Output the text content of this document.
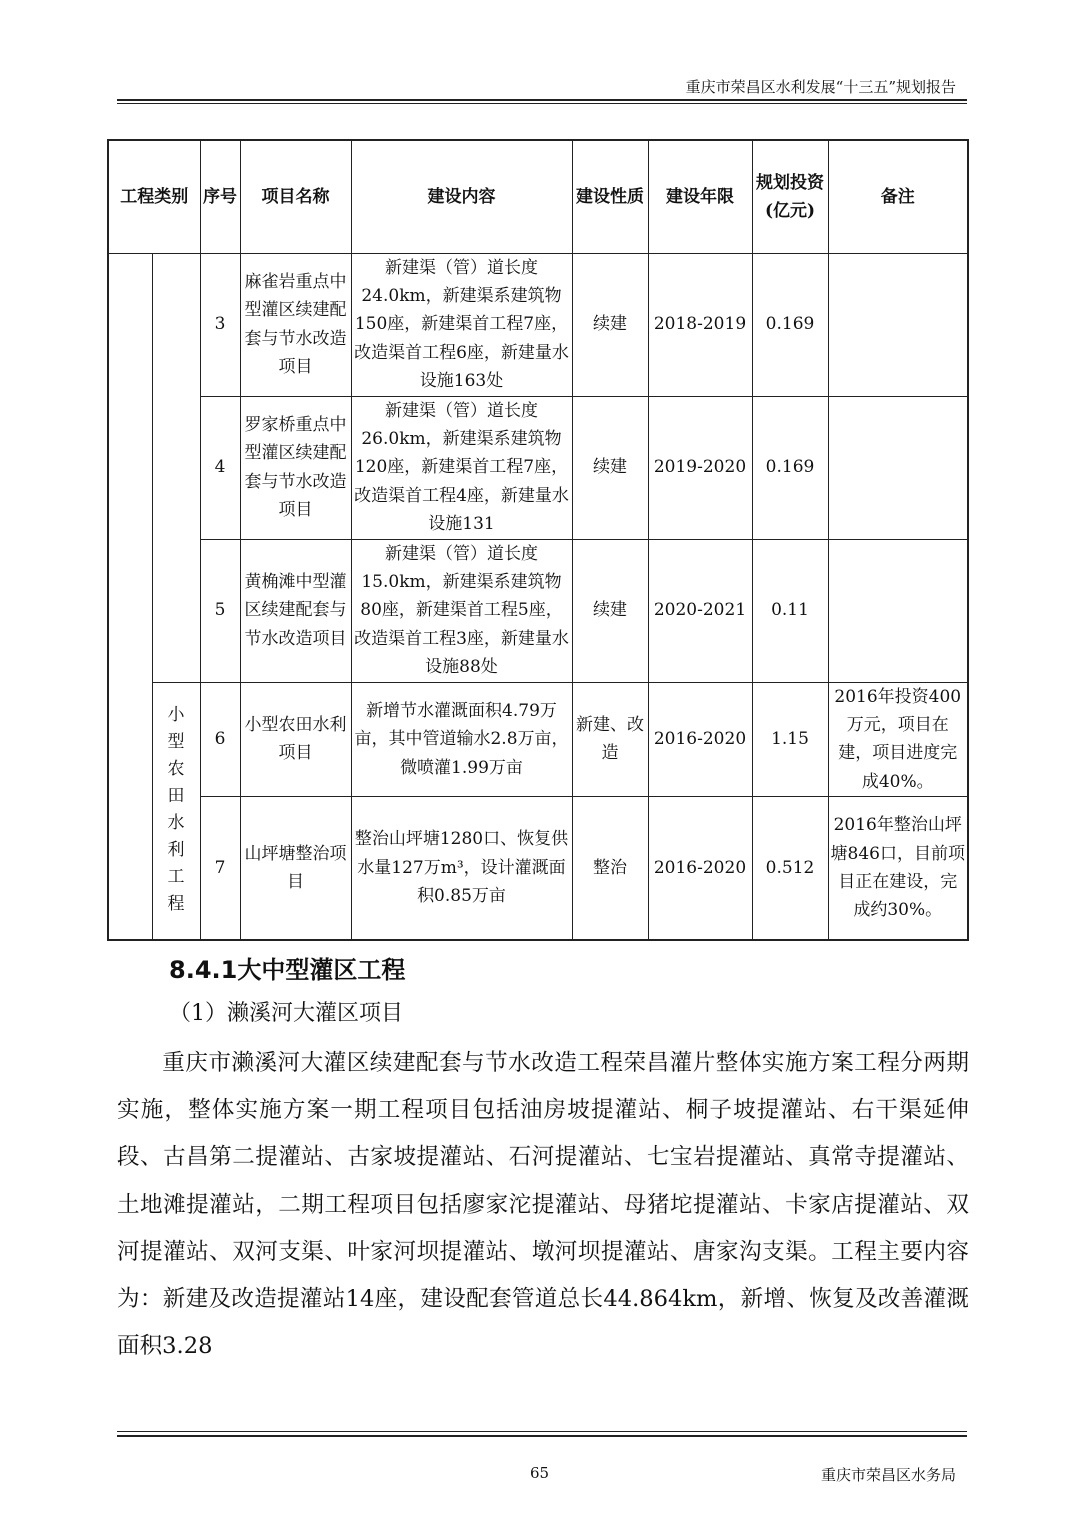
重庆市荣昌区水利发展“十三五”规划报告
工程类别		序号	项目名称	建设内容	建设性质	建设年限	规划投资(亿元)	备注
		3	麻雀岩重点中型灌区续建配套与节水改造项目	新建渠（管）道长度24.0km，新建渠系建筑物150座，新建渠首工程7座，改造渠首工程6座，新建量水设施163处	续建	2018-2019	0.169	
		4	罗家桥重点中型灌区续建配套与节水改造项目	新建渠（管）道长度26.0km，新建渠系建筑物120座，新建渠首工程7座，改造渠首工程4座，新建量水设施131	续建	2019-2020	0.169	
		5	黄桷滩中型灌区续建配套与节水改造项目	新建渠（管）道长度15.0km，新建渠系建筑物80座，新建渠首工程5座，改造渠首工程3座，新建量水设施88处	续建	2020-2021	0.11	
	小型农田水利工程	6	小型农田水利项目	新增节水灌溉面积4.79万亩，其中管道输水2.8万亩，微喷灌1.99万亩	新建、改造	2016-2020	1.15	2016年投资400万元，项目在建，项目进度完成40%。
		7	山坪塘整治项目	整治山坪塘1280口、恢复供水量127万m³，设计灌溉面积0.85万亩	整治	2016-2020	0.512	2016年整治山坪塘846口，目前项目正在建设，完成约30%。
8.4.1大中型灌区工程
（1）濑溪河大灌区项目
重庆市濑溪河大灌区续建配套与节水改造工程荣昌灌片整体实施方案工程分两期实施，整体实施方案一期工程项目包括油房坡提灌站、桐子坡提灌站、右干渠延伸段、古昌第二提灌站、古家坡提灌站、石河提灌站、七宝岩提灌站、真常寺提灌站、土地滩提灌站，二期工程项目包括廖家沱提灌站、母猪坨提灌站、卡家店提灌站、双河提灌站、双河支渠、叶家河坝提灌站、墩河坝提灌站、唐家沟支渠。工程主要内容为：新建及改造提灌站14座，建设配套管道总长44.864km，新增、恢复及改善灌溉面积3.28
65	重庆市荣昌区水务局
